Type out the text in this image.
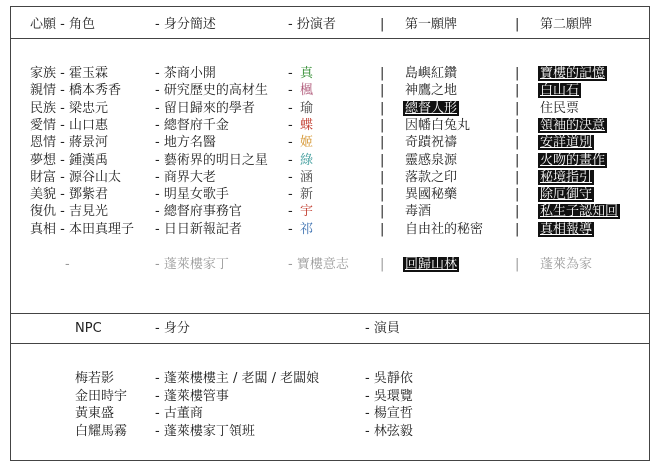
心願 - 角色	- 身分簡述	- 扮演者	| 第一願牌	| 第二願牌
家族 - 霍玉霖	- 茶商小開	- 真	| 島嶼紅鑽	| 寶樓的記憶
親情 - 橋本秀香	- 研究歷史的高材生 - 楓	| 神鷹之地	| 白山石
民族 - 梁忠元	- 留日歸來的學者	- 瑜	| 總督人形	| 住民票
愛情 - 山口惠	- 總督府千金	- 蝶	| 因幡白兔丸	| 領袖的決意
恩情 - 蔣景河	- 地方名醫	- 姬	| 奇蹟祝禱	| 安詳道別
夢想 - 鍾漢禹	- 藝術界的明日之星 - 綠	| 靈感泉源	| 火吻的畫作
財富 - 源谷山太	- 商界大老	- 涵	| 落款之印	| 秘境指引
美貌 - 鄧紫君	- 明星女歌手	- 新	| 異國秘藥	| 除厄御守
復仇 - 吉見光	- 總督府事務官	- 宇	| 毒酒	| 私生子認知回
真相 - 本田真理子 - 日日新報記者	- 祁	| 自由社的秘密 | 真相報導
-	- 蓬萊樓家丁	- 寶樓意志 | 回歸山林	| 蓬萊為家
NPC	- 身分	- 演員
梅若影	- 蓬萊樓樓主 / 老闆 / 老闆娘	- 吳靜依
金田時宇 - 蓬萊樓管事	- 吳環覽
黃東盛	- 古董商	- 楊宣哲
白耀馬霧 - 蓬萊樓家丁領班	- 林弦毅
